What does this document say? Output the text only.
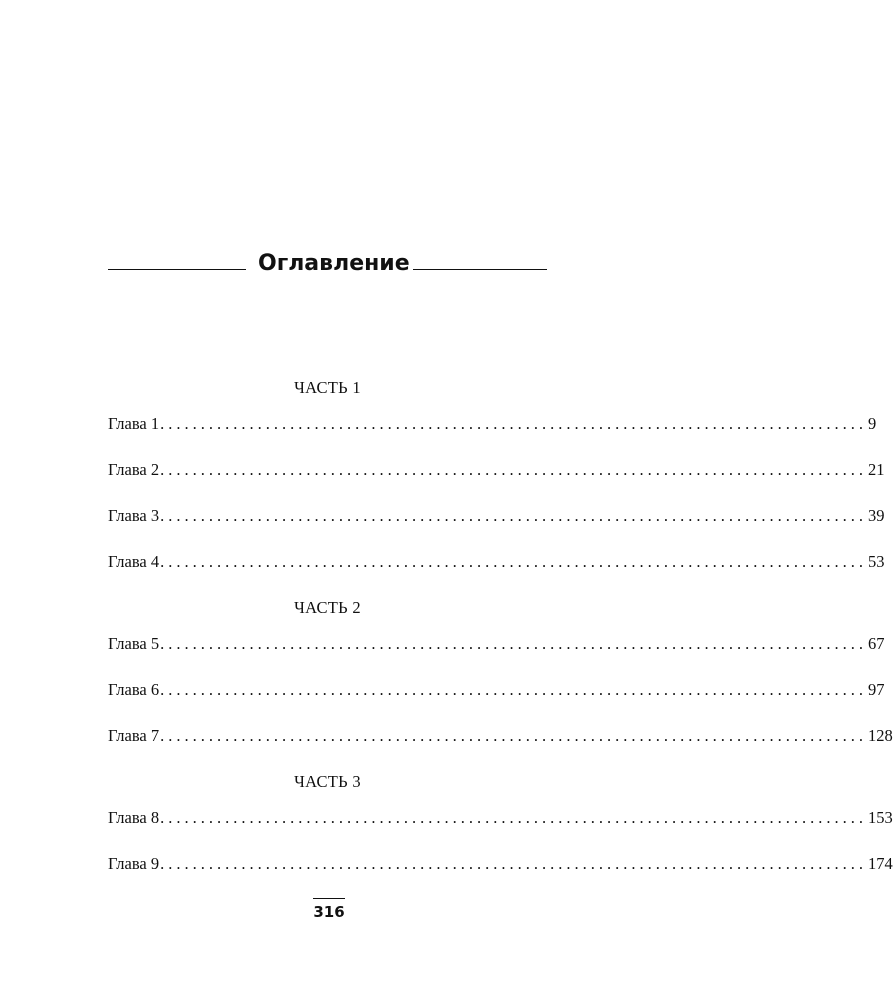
Оглавление
ЧАСТЬ 1
Глава 1 ....................................................................................... 9
Глава 2 ....................................................................................... 21
Глава 3 ....................................................................................... 39
Глава 4 ....................................................................................... 53
ЧАСТЬ 2
Глава 5 ....................................................................................... 67
Глава 6 ....................................................................................... 97
Глава 7 ....................................................................................... 128
ЧАСТЬ 3
Глава 8 ....................................................................................... 153
Глава 9 ....................................................................................... 174
316
